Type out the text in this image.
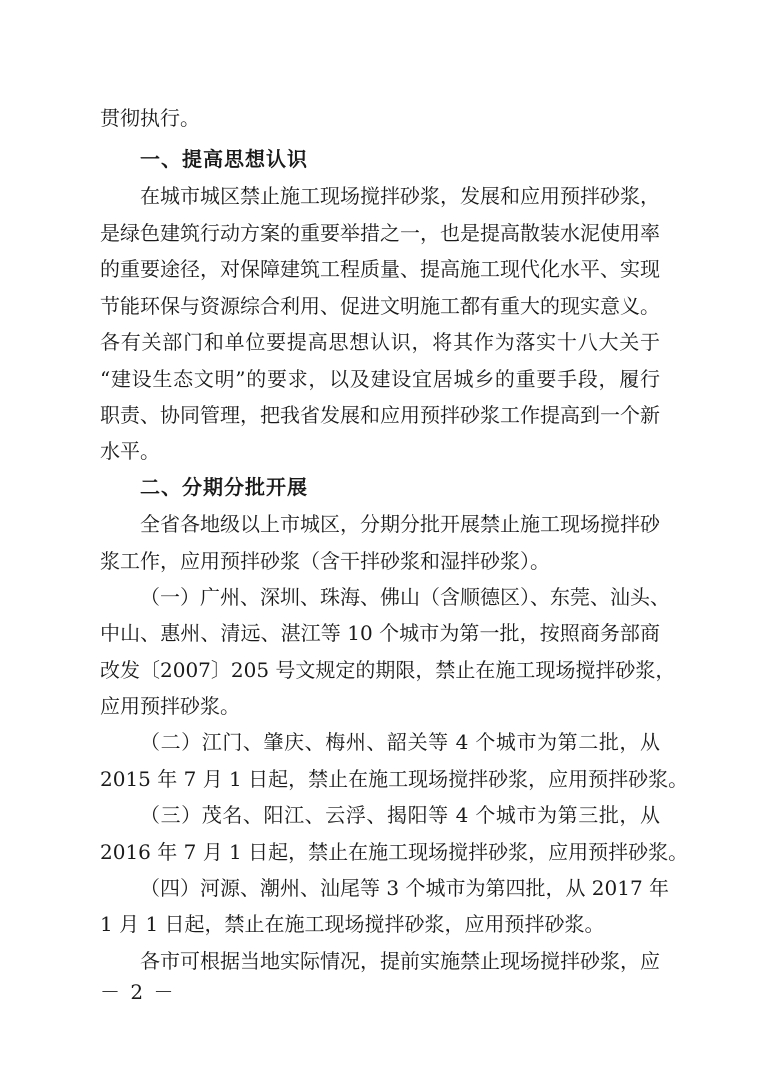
贯彻执行。
一、提高思想认识
在城市城区禁止施工现场搅拌砂浆，发展和应用预拌砂浆，
是绿色建筑行动方案的重要举措之一，也是提高散装水泥使用率
的重要途径，对保障建筑工程质量、提高施工现代化水平、实现
节能环保与资源综合利用、促进文明施工都有重大的现实意义。
各有关部门和单位要提高思想认识，将其作为落实十八大关于
“建设生态文明”的要求，以及建设宜居城乡的重要手段，履行
职责、协同管理，把我省发展和应用预拌砂浆工作提高到一个新
水平。
二、分期分批开展
全省各地级以上市城区，分期分批开展禁止施工现场搅拌砂
浆工作，应用预拌砂浆（含干拌砂浆和湿拌砂浆）。
（一）广州、深圳、珠海、佛山（含顺德区）、东莞、汕头、
中山、惠州、清远、湛江等 10 个城市为第一批，按照商务部商
改发〔2007〕205 号文规定的期限，禁止在施工现场搅拌砂浆，
应用预拌砂浆。
（二）江门、肇庆、梅州、韶关等 4 个城市为第二批，从
2015 年 7 月 1 日起，禁止在施工现场搅拌砂浆，应用预拌砂浆。
（三）茂名、阳江、云浮、揭阳等 4 个城市为第三批，从
2016 年 7 月 1 日起，禁止在施工现场搅拌砂浆，应用预拌砂浆。
（四）河源、潮州、汕尾等 3 个城市为第四批，从 2017 年
1 月 1 日起，禁止在施工现场搅拌砂浆，应用预拌砂浆。
各市可根据当地实际情况，提前实施禁止现场搅拌砂浆，应
－ 2 －
